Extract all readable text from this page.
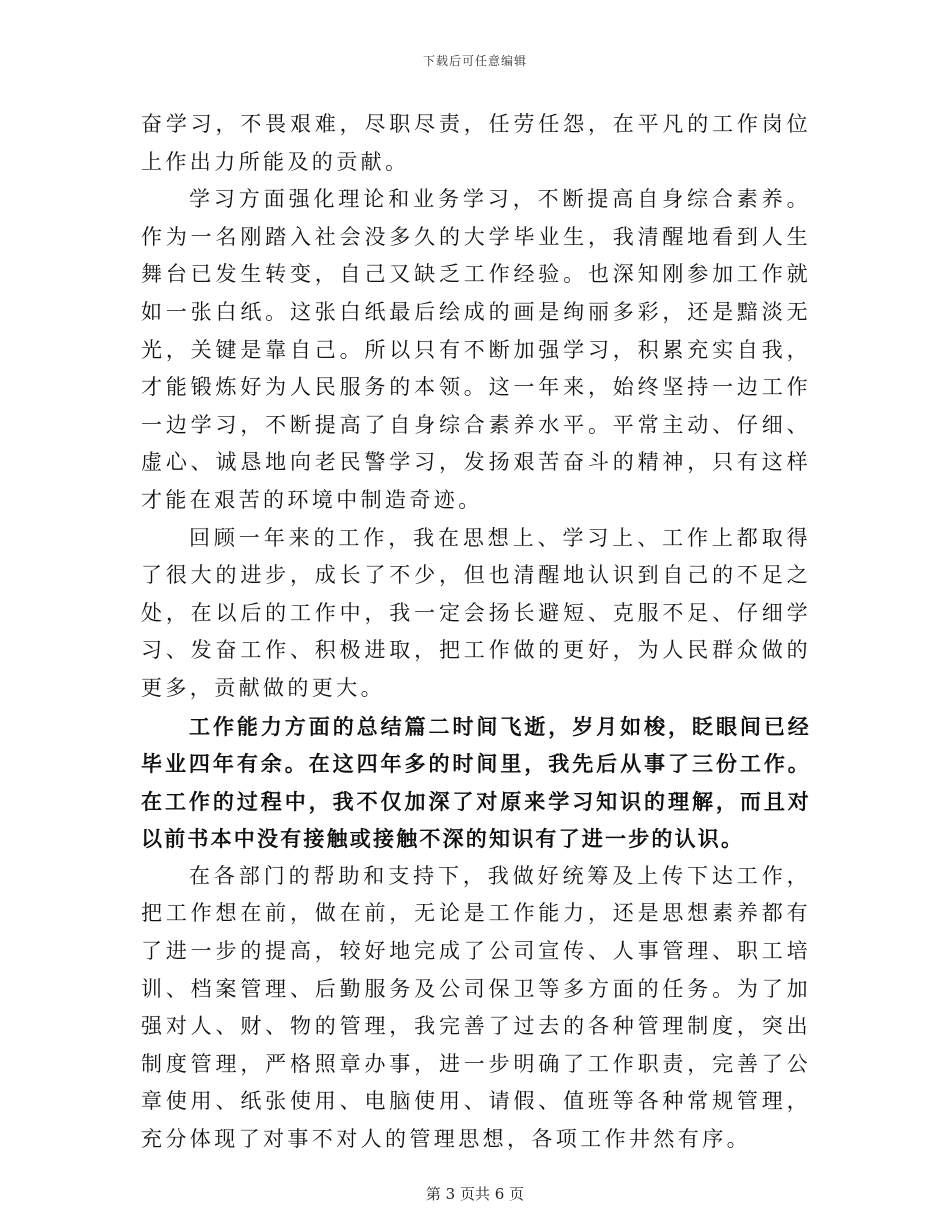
下载后可任意编辑

奋学习，不畏艰难，尽职尽责，任劳任怨，在平凡的工作岗位上作出力所能及的贡献。

学习方面强化理论和业务学习，不断提高自身综合素养。作为一名刚踏入社会没多久的大学毕业生，我清醒地看到人生舞台已发生转变，自己又缺乏工作经验。也深知刚参加工作就如一张白纸。这张白纸最后绘成的画是绚丽多彩，还是黯淡无光，关键是靠自己。所以只有不断加强学习，积累充实自我，才能锻炼好为人民服务的本领。这一年来，始终坚持一边工作一边学习，不断提高了自身综合素养水平。平常主动、仔细、虚心、诚恳地向老民警学习，发扬艰苦奋斗的精神，只有这样才能在艰苦的环境中制造奇迹。

回顾一年来的工作，我在思想上、学习上、工作上都取得了很大的进步，成长了不少，但也清醒地认识到自己的不足之处，在以后的工作中，我一定会扬长避短、克服不足、仔细学习、发奋工作、积极进取，把工作做的更好，为人民群众做的更多，贡献做的更大。

工作能力方面的总结篇二时间飞逝，岁月如梭，眨眼间已经毕业四年有余。在这四年多的时间里，我先后从事了三份工作。在工作的过程中，我不仅加深了对原来学习知识的理解，而且对以前书本中没有接触或接触不深的知识有了进一步的认识。

在各部门的帮助和支持下，我做好统筹及上传下达工作，把工作想在前，做在前，无论是工作能力，还是思想素养都有了进一步的提高，较好地完成了公司宣传、人事管理、职工培训、档案管理、后勤服务及公司保卫等多方面的任务。为了加强对人、财、物的管理，我完善了过去的各种管理制度，突出制度管理，严格照章办事，进一步明确了工作职责，完善了公章使用、纸张使用、电脑使用、请假、值班等各种常规管理，充分体现了对事不对人的管理思想，各项工作井然有序。

第 3 页共 6 页
